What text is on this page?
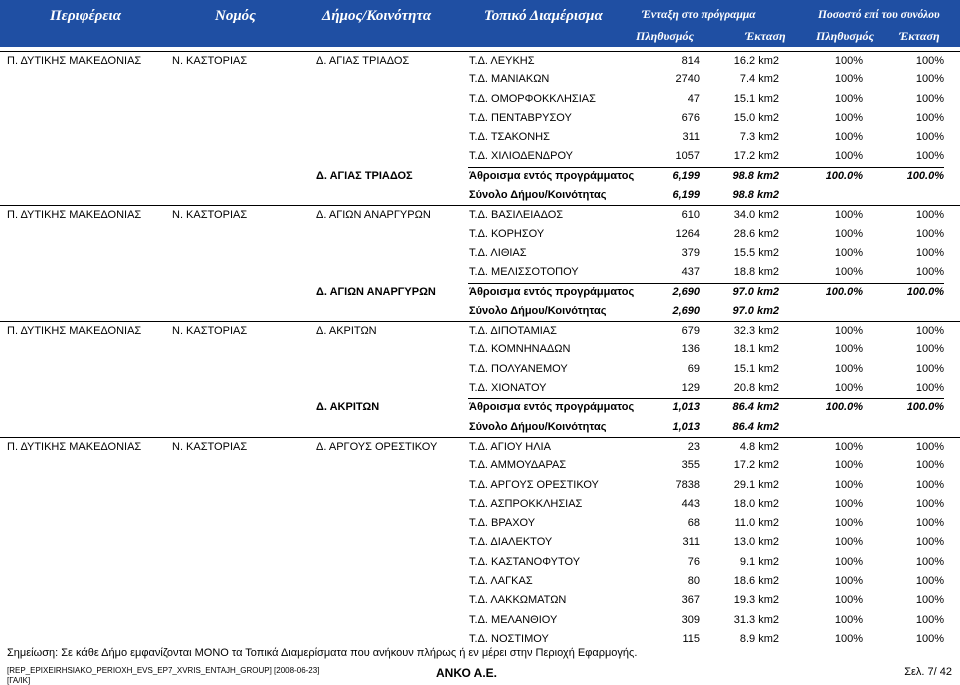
Περιφέρεια	Νομός	Δήμος/Κοινότητα	Τοπικό Διαμέρισμα	Ένταξη στο πρόγραμμα	Ποσοστό επί του συνόλου
Πληθυσμός	Έκταση	Πληθυσμός Έκταση
Π. ΔΥΤΙΚΗΣ ΜΑΚΕΔΟΝΙΑΣ	Ν. ΚΑΣΤΟΡΙΑΣ	Δ. ΑΓΙΑΣ ΤΡΙΑΔΟΣ	Τ.Δ. ΛΕΥΚΗΣ	814	16.2 km2	100%	100%
Τ.Δ. ΜΑΝΙΑΚΩΝ	2740	7.4 km2	100%	100%
Τ.Δ. ΟΜΟΡΦΟΚΚΛΗΣΙΑΣ	47	15.1 km2	100%	100%
Τ.Δ. ΠΕΝΤΑΒΡΥΣΟΥ	676	15.0 km2	100%	100%
Τ.Δ. ΤΣΑΚΟΝΗΣ	311	7.3 km2	100%	100%
Τ.Δ. ΧΙΛΙΟΔΕΝΔΡΟΥ	1057	17.2 km2	100%	100%
Δ. ΑΓΙΑΣ ΤΡΙΑΔΟΣ	Άθροισμα εντός προγράμματος	6,199	98.8 km2	100.0%	100.0%
Σύνολο Δήμου/Κοινότητας	6,199	98.8 km2
Π. ΔΥΤΙΚΗΣ ΜΑΚΕΔΟΝΙΑΣ	Ν. ΚΑΣΤΟΡΙΑΣ	Δ. ΑΓΙΩΝ ΑΝΑΡΓΥΡΩΝ	Τ.Δ. ΒΑΣΙΛΕΙΑΔΟΣ	610	34.0 km2	100%	100%
Τ.Δ. ΚΟΡΗΣΟΥ	1264	28.6 km2	100%	100%
Τ.Δ. ΛΙΘΙΑΣ	379	15.5 km2	100%	100%
Τ.Δ. ΜΕΛΙΣΣΟΤΟΠΟΥ	437	18.8 km2	100%	100%
Δ. ΑΓΙΩΝ ΑΝΑΡΓΥΡΩΝ	Άθροισμα εντός προγράμματος	2,690	97.0 km2	100.0%	100.0%
Σύνολο Δήμου/Κοινότητας	2,690	97.0 km2
Π. ΔΥΤΙΚΗΣ ΜΑΚΕΔΟΝΙΑΣ	Ν. ΚΑΣΤΟΡΙΑΣ	Δ. ΑΚΡΙΤΩΝ	Τ.Δ. ΔΙΠΟΤΑΜΙΑΣ	679	32.3 km2	100%	100%
Τ.Δ. ΚΟΜΝΗΝΑΔΩΝ	136	18.1 km2	100%	100%
Τ.Δ. ΠΟΛΥΑΝΕΜΟΥ	69	15.1 km2	100%	100%
Τ.Δ. ΧΙΟΝΑΤΟΥ	129	20.8 km2	100%	100%
Δ. ΑΚΡΙΤΩΝ	Άθροισμα εντός προγράμματος	1,013	86.4 km2	100.0%	100.0%
Σύνολο Δήμου/Κοινότητας	1,013	86.4 km2
Π. ΔΥΤΙΚΗΣ ΜΑΚΕΔΟΝΙΑΣ	Ν. ΚΑΣΤΟΡΙΑΣ	Δ. ΑΡΓΟΥΣ ΟΡΕΣΤΙΚΟΥ	Τ.Δ. ΑΓΙΟΥ ΗΛΙΑ	23	4.8 km2	100%	100%
Τ.Δ. ΑΜΜΟΥΔΑΡΑΣ	355	17.2 km2	100%	100%
Τ.Δ. ΑΡΓΟΥΣ ΟΡΕΣΤΙΚΟΥ	7838	29.1 km2	100%	100%
Τ.Δ. ΑΣΠΡΟΚΚΛΗΣΙΑΣ	443	18.0 km2	100%	100%
Τ.Δ. ΒΡΑΧΟΥ	68	11.0 km2	100%	100%
Τ.Δ. ΔΙΑΛΕΚΤΟΥ	311	13.0 km2	100%	100%
Τ.Δ. ΚΑΣΤΑΝΟΦΥΤΟΥ	76	9.1 km2	100%	100%
Τ.Δ. ΛΑΓΚΑΣ	80	18.6 km2	100%	100%
Τ.Δ. ΛΑΚΚΩΜΑΤΩΝ	367	19.3 km2	100%	100%
Τ.Δ. ΜΕΛΑΝΘΙΟΥ	309	31.3 km2	100%	100%
Τ.Δ. ΝΟΣΤΙΜΟΥ	115	8.9 km2	100%	100%
Σημείωση: Σε κάθε Δήμο εμφανίζονται ΜΟΝΟ τα Τοπικά Διαμερίσματα που ανήκουν πλήρως ή εν μέρει στην Περιοχή Εφαρμογής.
[REP_EPIXEIRHSIAKO_PERIOXH_EVS_EP7_XVRIS_ENTAJH_GROUP] [2008-06-23]
[ΓΑ/ΙΚ]
ΑΝΚΟ Α.Ε.	Σελ. 7/ 42
